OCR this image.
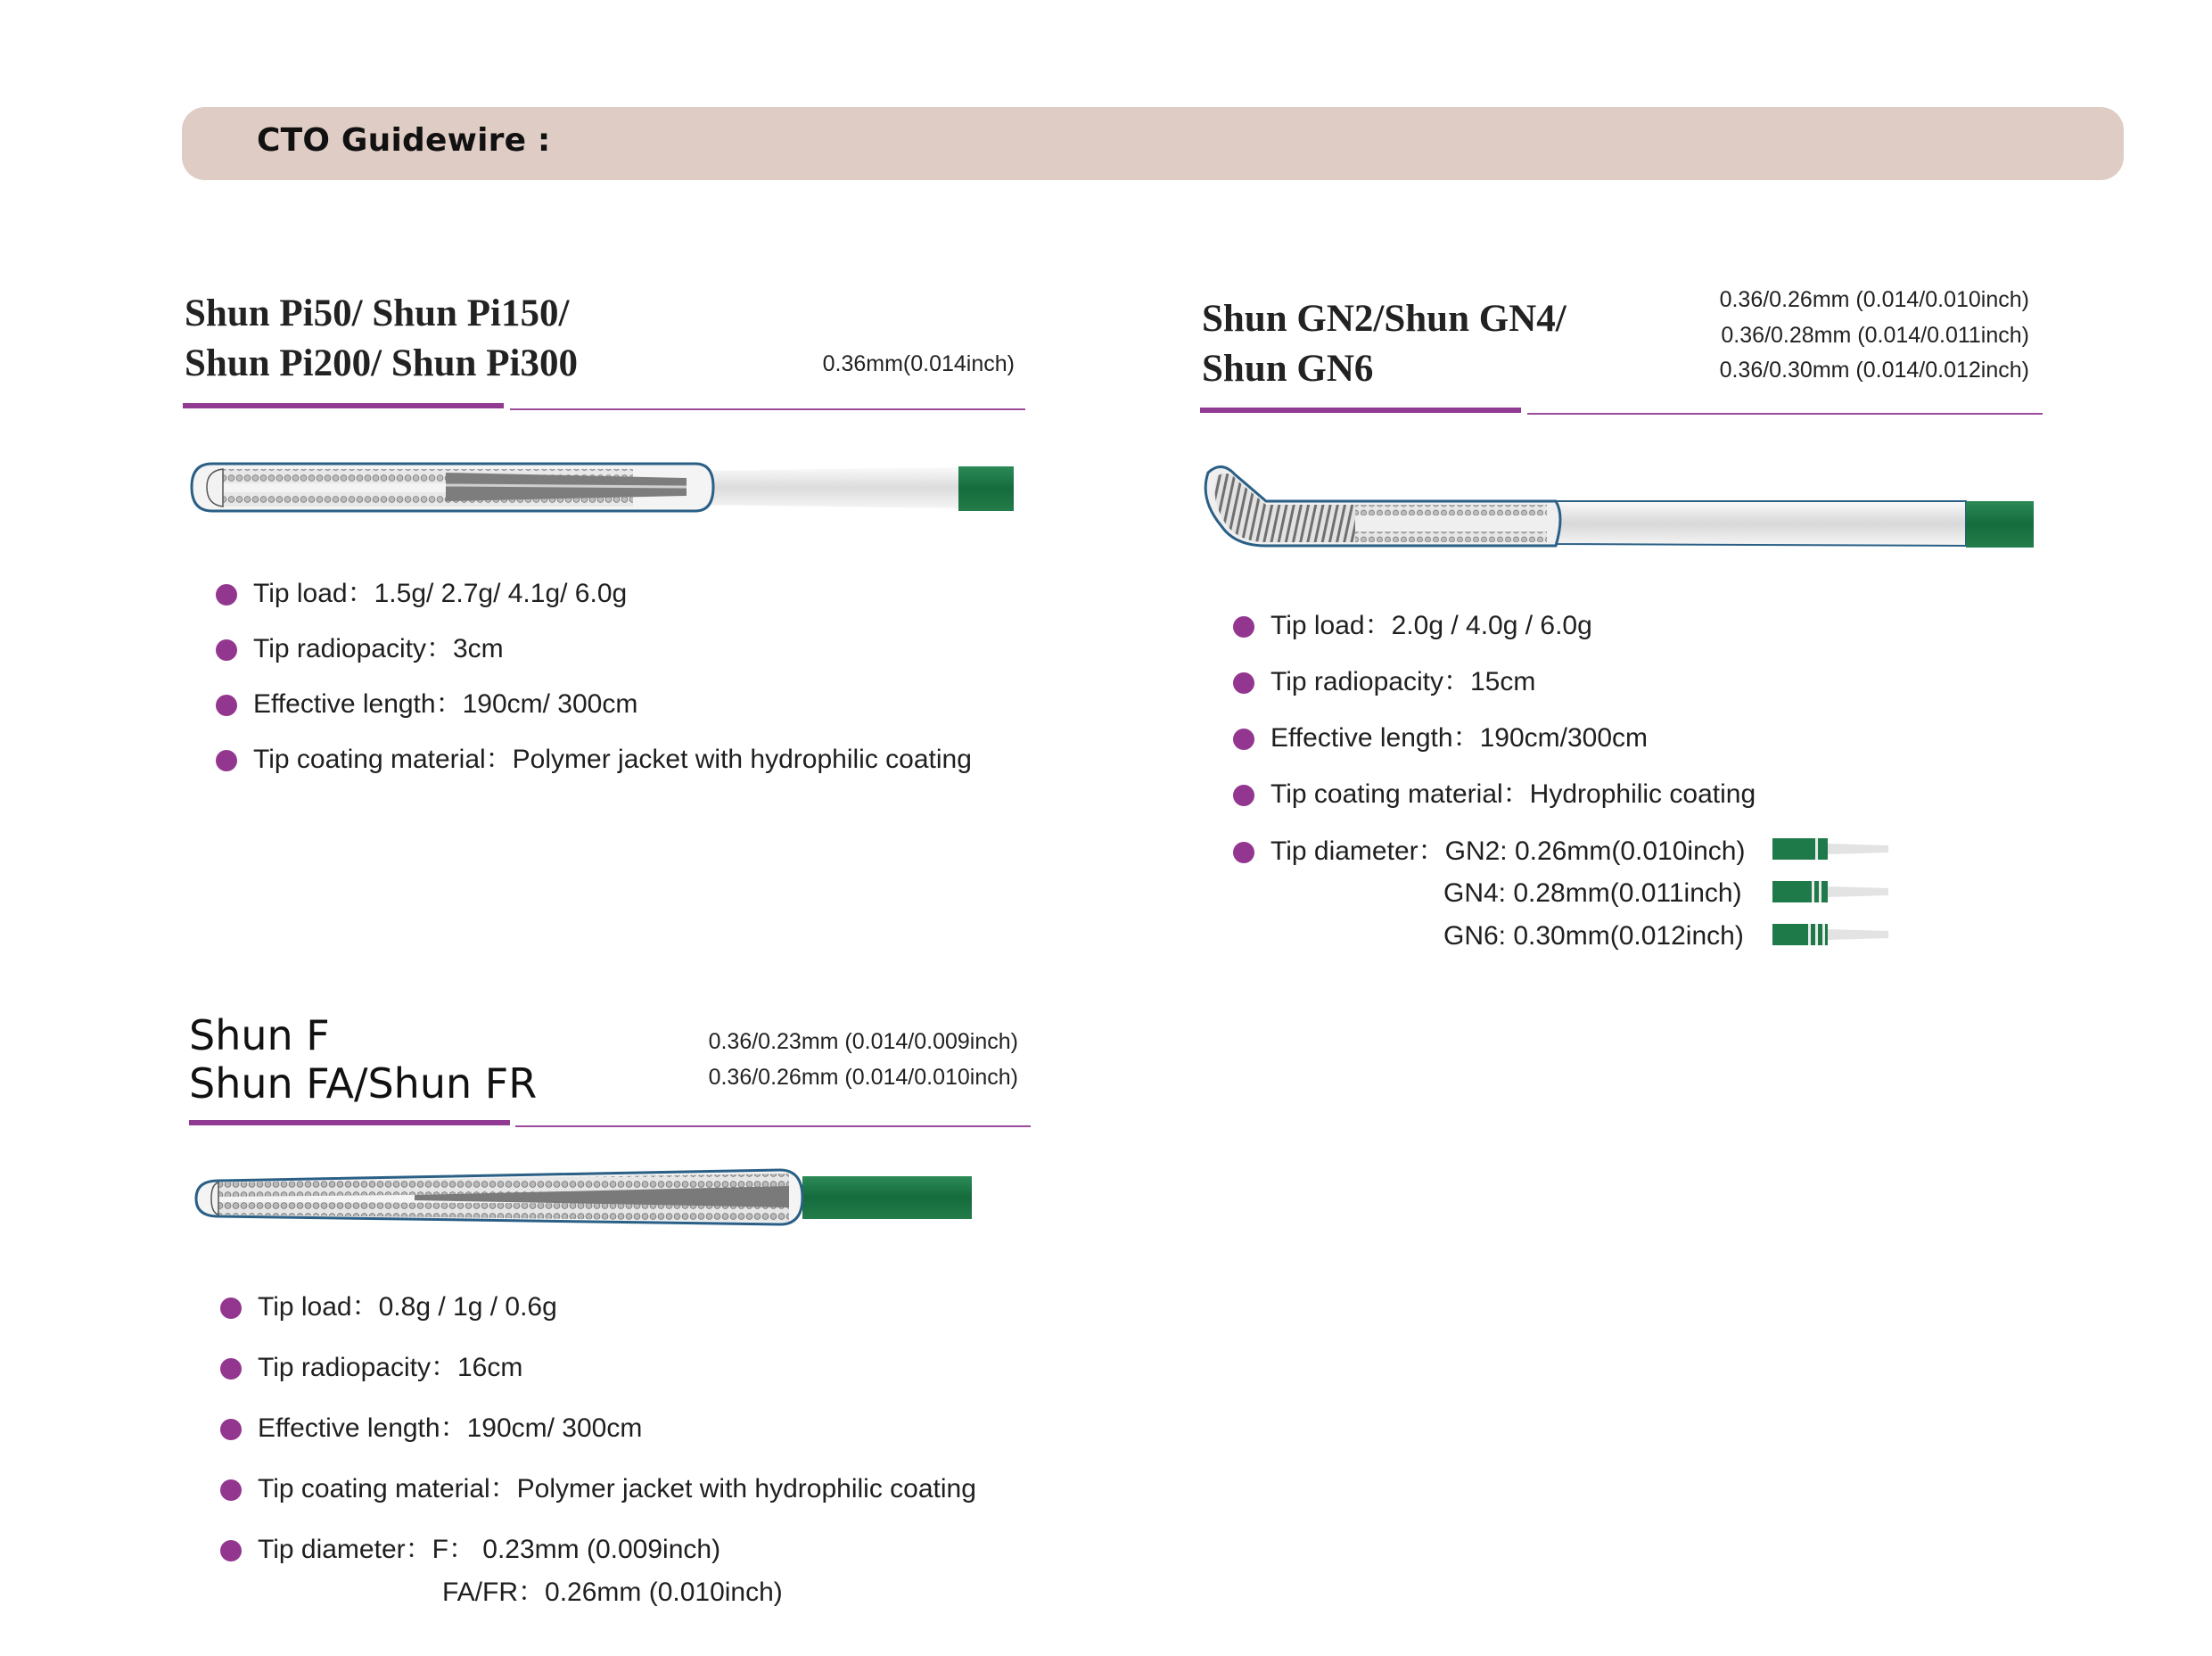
CTO Guidewire :
Shun Pi50/ Shun Pi150/
Shun Pi200/ Shun Pi300	0.36mm(0.014inch)
Tip load：1.5g/ 2.7g/ 4.1g/ 6.0g
Tip radiopacity：3cm
Effective length：190cm/ 300cm
Tip coating material：Polymer jacket with hydrophilic coating
Shun GN2/Shun GN4/
Shun GN6
0.36/0.26mm (0.014/0.010inch)
0.36/0.28mm (0.014/0.011inch)
0.36/0.30mm (0.014/0.012inch)
Tip load：2.0g / 4.0g / 6.0g
Tip radiopacity：15cm
Effective length：190cm/300cm
Tip coating material：Hydrophilic coating
Tip diameter：GN2: 0.26mm(0.010inch)
GN4: 0.28mm(0.011inch)
GN6: 0.30mm(0.012inch)
Shun F
Shun FA/Shun FR
0.36/0.23mm (0.014/0.009inch)
0.36/0.26mm (0.014/0.010inch)
Tip load：0.8g / 1g / 0.6g
Tip radiopacity：16cm
Effective length：190cm/ 300cm
Tip coating material：Polymer jacket with hydrophilic coating
Tip diameter：F： 0.23mm (0.009inch)
FA/FR：0.26mm (0.010inch)
